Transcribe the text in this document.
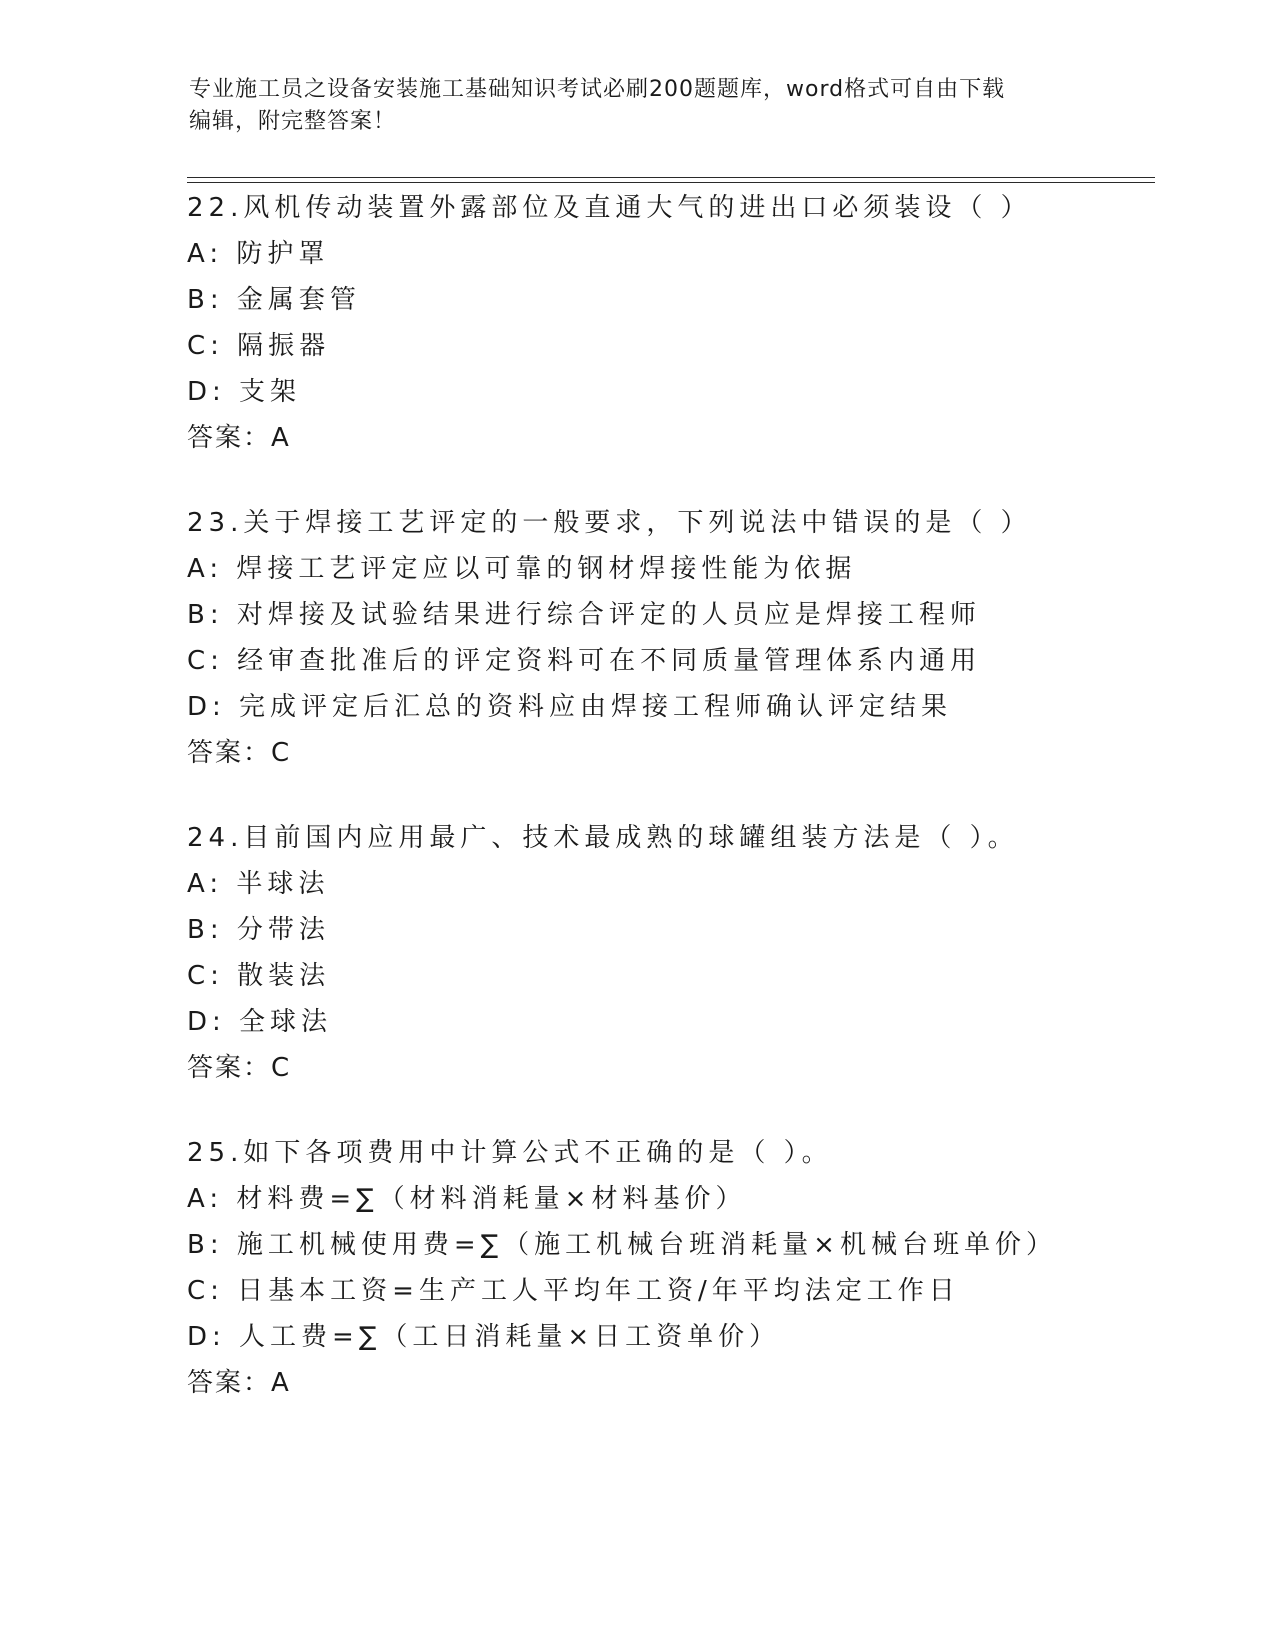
专业施工员之设备安装施工基础知识考试必刷200题题库，word格式可自由下载
编辑，附完整答案！
22.风机传动装置外露部位及直通大气的进出口必须装设（ ）
A: 防护罩
B: 金属套管
C: 隔振器
D: 支架
答案：A
23.关于焊接工艺评定的一般要求，下列说法中错误的是（ ）
A: 焊接工艺评定应以可靠的钢材焊接性能为依据
B: 对焊接及试验结果进行综合评定的人员应是焊接工程师
C: 经审查批准后的评定资料可在不同质量管理体系内通用
D: 完成评定后汇总的资料应由焊接工程师确认评定结果
答案：C
24.目前国内应用最广、技术最成熟的球罐组装方法是（ ）。
A: 半球法
B: 分带法
C: 散装法
D: 全球法
答案：C
25.如下各项费用中计算公式不正确的是（ ）。
A: 材料费=∑（材料消耗量×材料基价）
B: 施工机械使用费=∑（施工机械台班消耗量×机械台班单价）
C: 日基本工资=生产工人平均年工资/年平均法定工作日
D: 人工费=∑（工日消耗量×日工资单价）
答案：A
